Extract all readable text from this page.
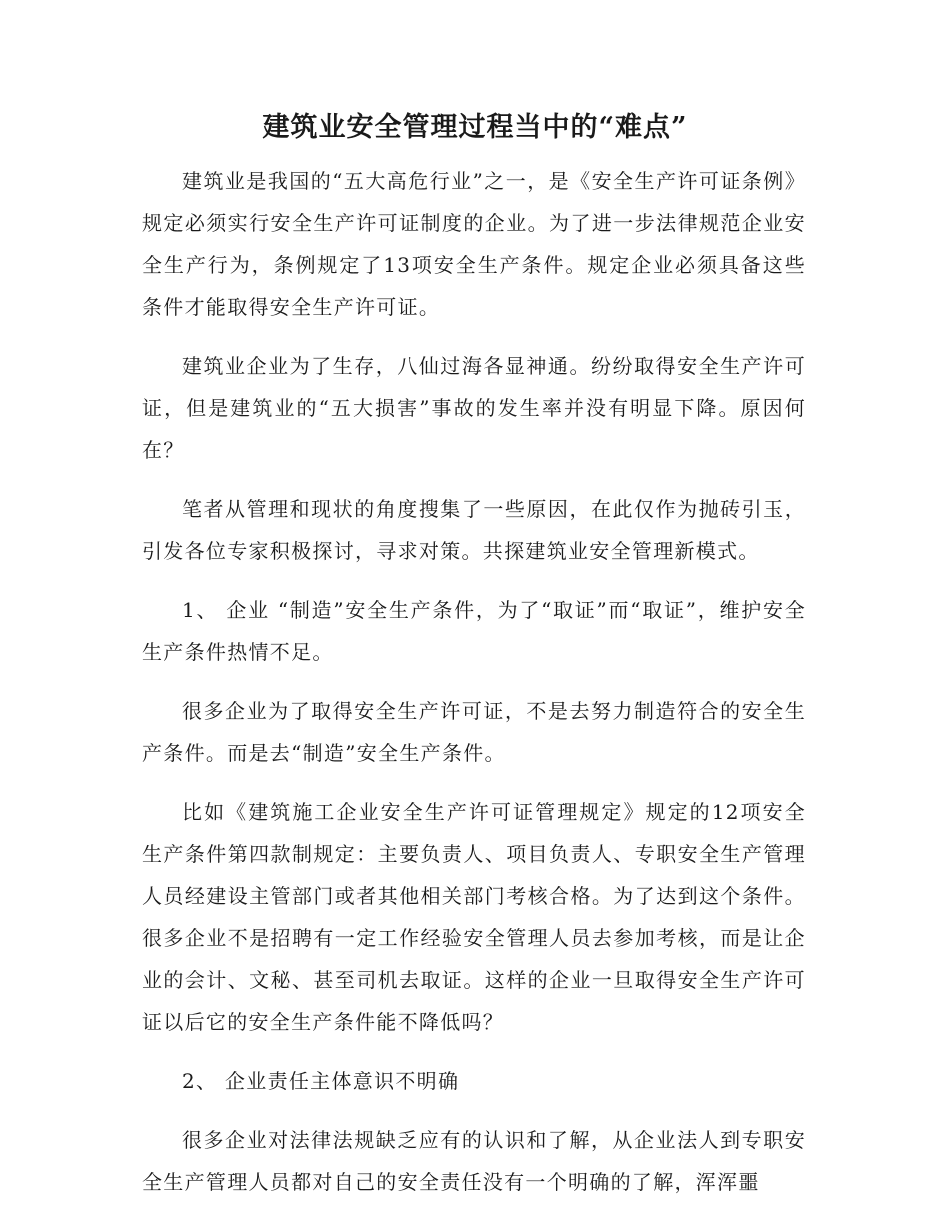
建筑业安全管理过程当中的“难点”

建筑业是我国的“五大高危行业”之一，是《安全生产许可证条例》规定必须实行安全生产许可证制度的企业。为了进一步法律规范企业安全生产行为，条例规定了13项安全生产条件。规定企业必须具备这些条件才能取得安全生产许可证。

建筑业企业为了生存，八仙过海各显神通。纷纷取得安全生产许可证，但是建筑业的“五大损害”事故的发生率并没有明显下降。原因何在？

笔者从管理和现状的角度搜集了一些原因，在此仅作为抛砖引玉，引发各位专家积极探讨，寻求对策。共探建筑业安全管理新模式。

1、 企业 “制造”安全生产条件，为了“取证”而“取证”，维护安全生产条件热情不足。

很多企业为了取得安全生产许可证，不是去努力制造符合的安全生产条件。而是去“制造”安全生产条件。

比如《建筑施工企业安全生产许可证管理规定》规定的12项安全生产条件第四款制规定：主要负责人、项目负责人、专职安全生产管理人员经建设主管部门或者其他相关部门考核合格。为了达到这个条件。很多企业不是招聘有一定工作经验安全管理人员去参加考核，而是让企业的会计、文秘、甚至司机去取证。这样的企业一旦取得安全生产许可证以后它的安全生产条件能不降低吗？

2、 企业责任主体意识不明确

很多企业对法律法规缺乏应有的认识和了解，从企业法人到专职安全生产管理人员都对自己的安全责任没有一个明确的了解，浑浑噩
